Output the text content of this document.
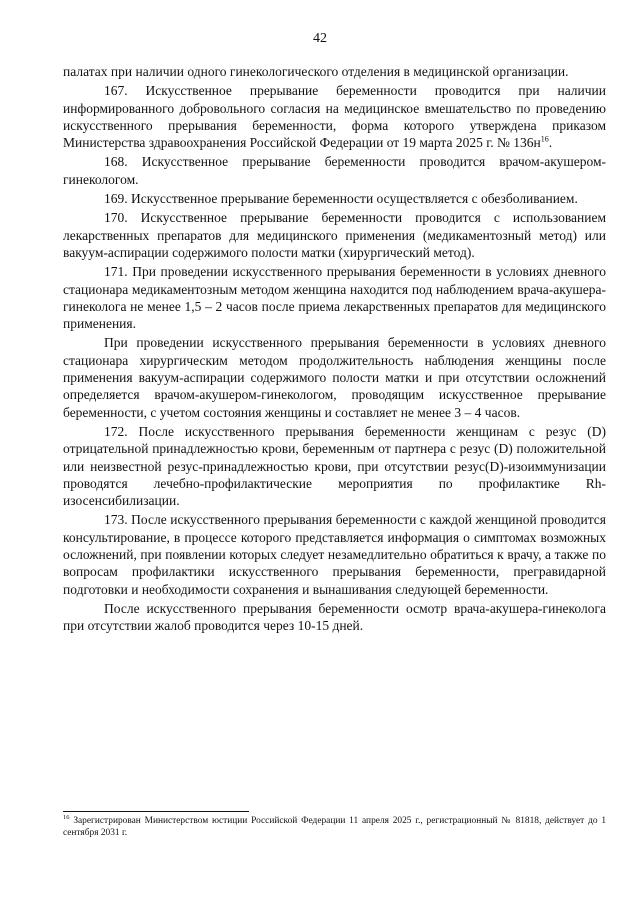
42

палатах при наличии одного гинекологического отделения в медицинской организации.

167. Искусственное прерывание беременности проводится при наличии информированного добровольного согласия на медицинское вмешательство по проведению искусственного прерывания беременности, форма которого утверждена приказом Министерства здравоохранения Российской Федерации от 19 марта 2025 г. № $136н^{16}$.

168. Искусственное прерывание беременности проводится врачом-акушером-гинекологом.

169. Искусственное прерывание беременности осуществляется с обезболиванием.

170. Искусственное прерывание беременности проводится с использованием лекарственных препаратов для медицинского применения (медикаментозный метод) или вакуум-аспирации содержимого полости матки (хирургический метод).

171. При проведении искусственного прерывания беременности в условиях дневного стационара медикаментозным методом женщина находится под наблюдением врача-акушера-гинеколога не менее 1,5 – 2 часов после приема лекарственных препаратов для медицинского применения.

При проведении искусственного прерывания беременности в условиях дневного стационара хирургическим методом продолжительность наблюдения женщины после применения вакуум-аспирации содержимого полости матки и при отсутствии осложнений определяется врачом-акушером-гинекологом, проводящим искусственное прерывание беременности, с учетом состояния женщины и составляет не менее 3 – 4 часов.

172. После искусственного прерывания беременности женщинам с резус (D) отрицательной принадлежностью крови, беременным от партнера с резус (D) положительной или неизвестной резус-принадлежностью крови, при отсутствии резус(D)-изоиммунизации проводятся лечебно-профилактические мероприятия по профилактике Rh-изосенсибилизации.

173. После искусственного прерывания беременности с каждой женщиной проводится консультирование, в процессе которого представляется информация о симптомах возможных осложнений, при появлении которых следует незамедлительно обратиться к врачу, а также по вопросам профилактики искусственного прерывания беременности, прегравидарной подготовки и необходимости сохранения и вынашивания следующей беременности.

После искусственного прерывания беременности осмотр врача-акушера-гинеколога при отсутствии жалоб проводится через 10-15 дней.

$^{16}$ Зарегистрирован Министерством юстиции Российской Федерации 11 апреля 2025 г., регистрационный № 81818, действует до 1 сентября 2031 г.
